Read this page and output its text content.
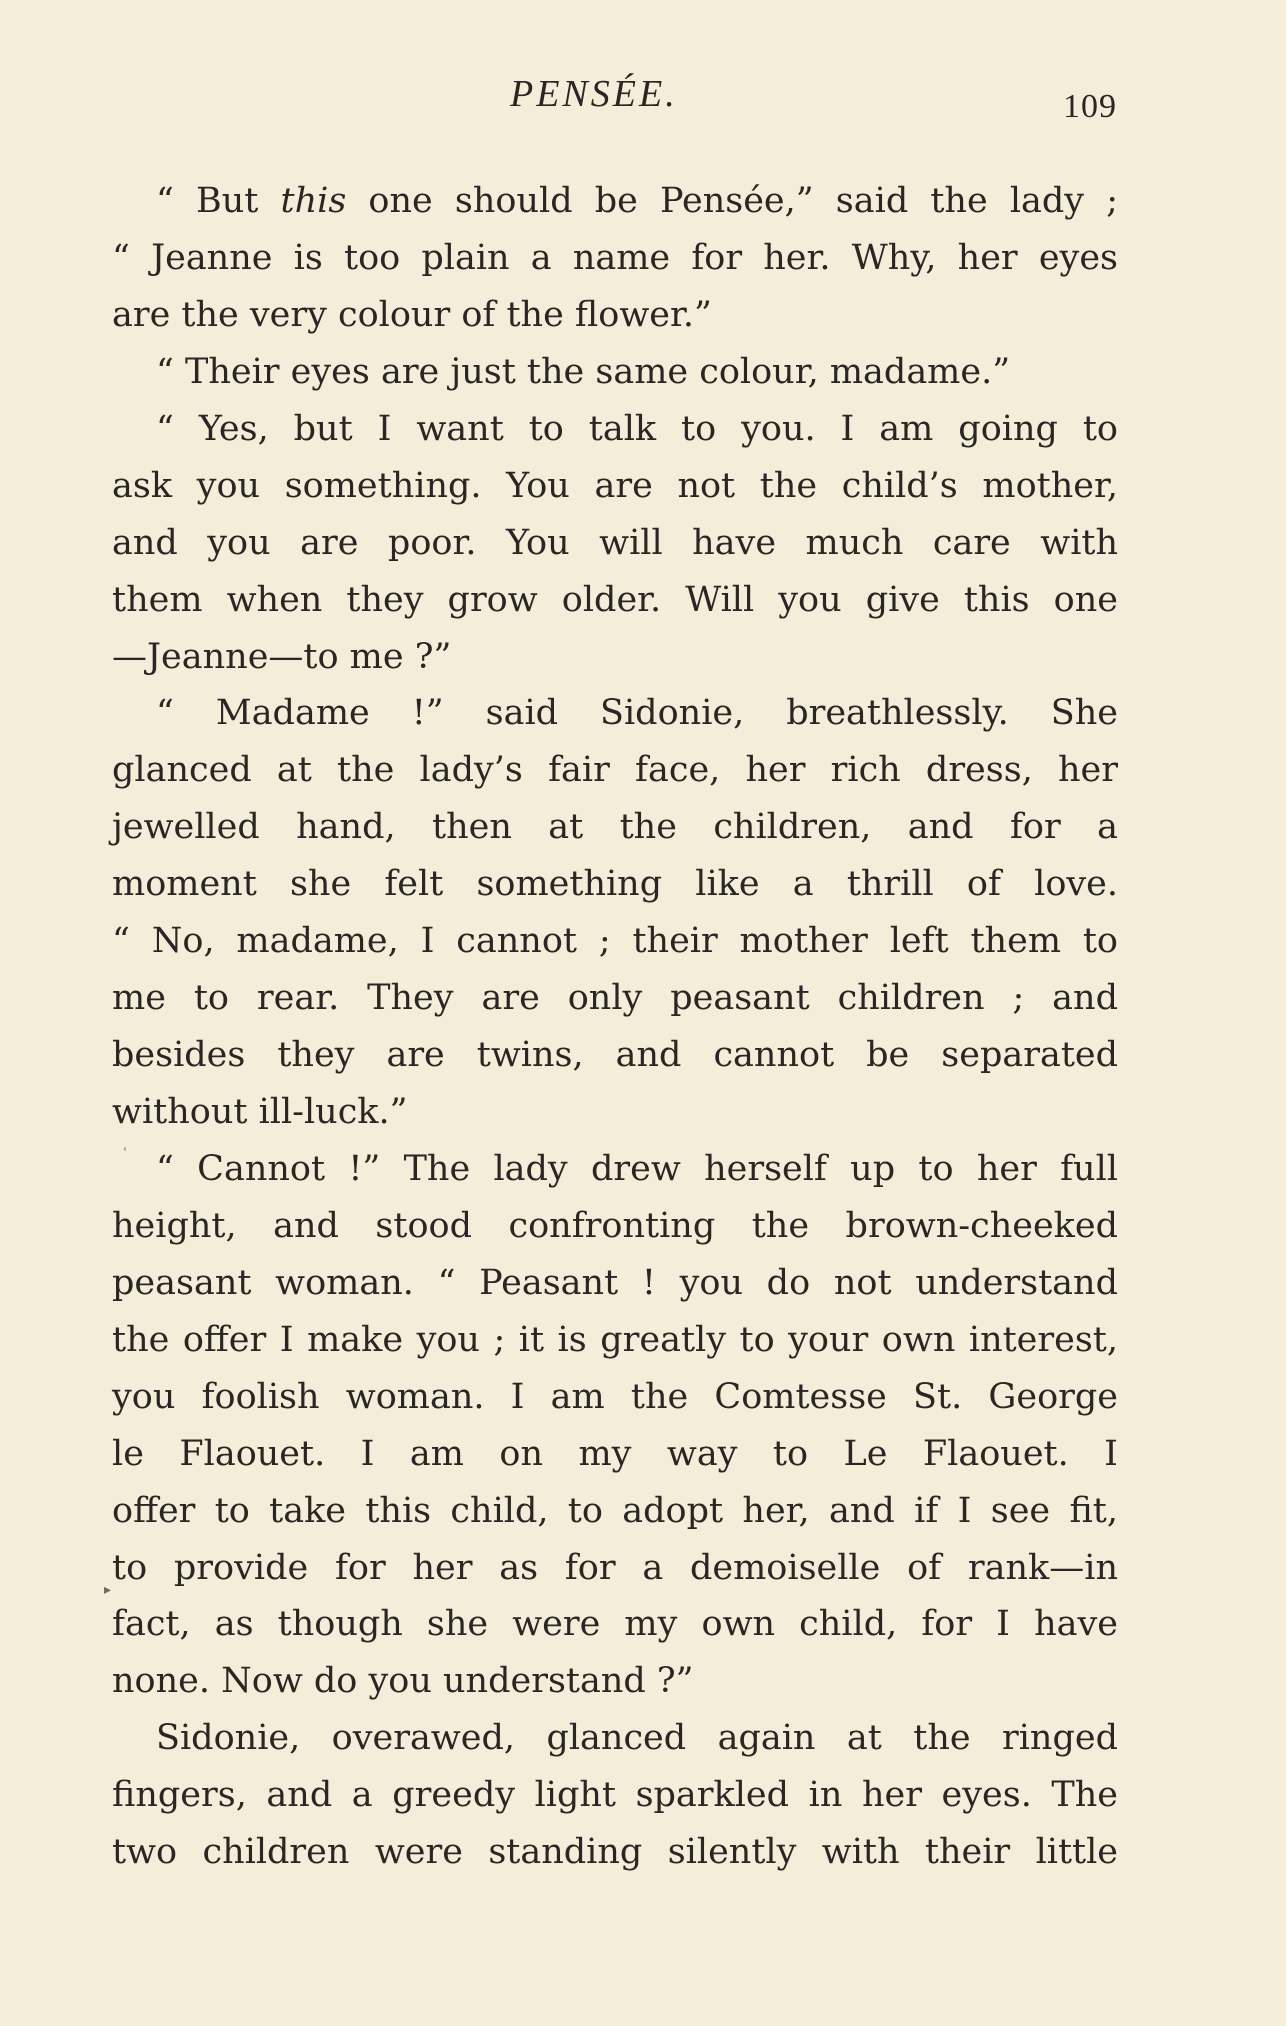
PENSÉE.	109
“ But this one should be Pensée,” said the lady ;
“ Jeanne is too plain a name for her. Why, her eyes
are the very colour of the flower.”
“ Their eyes are just the same colour, madame.”
“ Yes, but I want to talk to you. I am going to
ask you something. You are not the child’s mother,
and you are poor. You will have much care with
them when they grow older. Will you give this one
—Jeanne—to me ?”
“ Madame !” said Sidonie, breathlessly. She
glanced at the lady’s fair face, her rich dress, her
jewelled hand, then at the children, and for a
moment she felt something like a thrill of love.
“ No, madame, I cannot ; their mother left them to
me to rear. They are only peasant children ; and
besides they are twins, and cannot be separated
without ill-luck.”
“ Cannot !” The lady drew herself up to her full
height, and stood confronting the brown-cheeked
peasant woman. “ Peasant ! you do not understand
the offer I make you ; it is greatly to your own interest,
you foolish woman. I am the Comtesse St. George
le Flaouet. I am on my way to Le Flaouet. I
offer to take this child, to adopt her, and if I see fit,
to provide for her as for a demoiselle of rank—in
fact, as though she were my own child, for I have
none. Now do you understand ?”
Sidonie, overawed, glanced again at the ringed
fingers, and a greedy light sparkled in her eyes. The
two children were standing silently with their little
ˈ
▸
